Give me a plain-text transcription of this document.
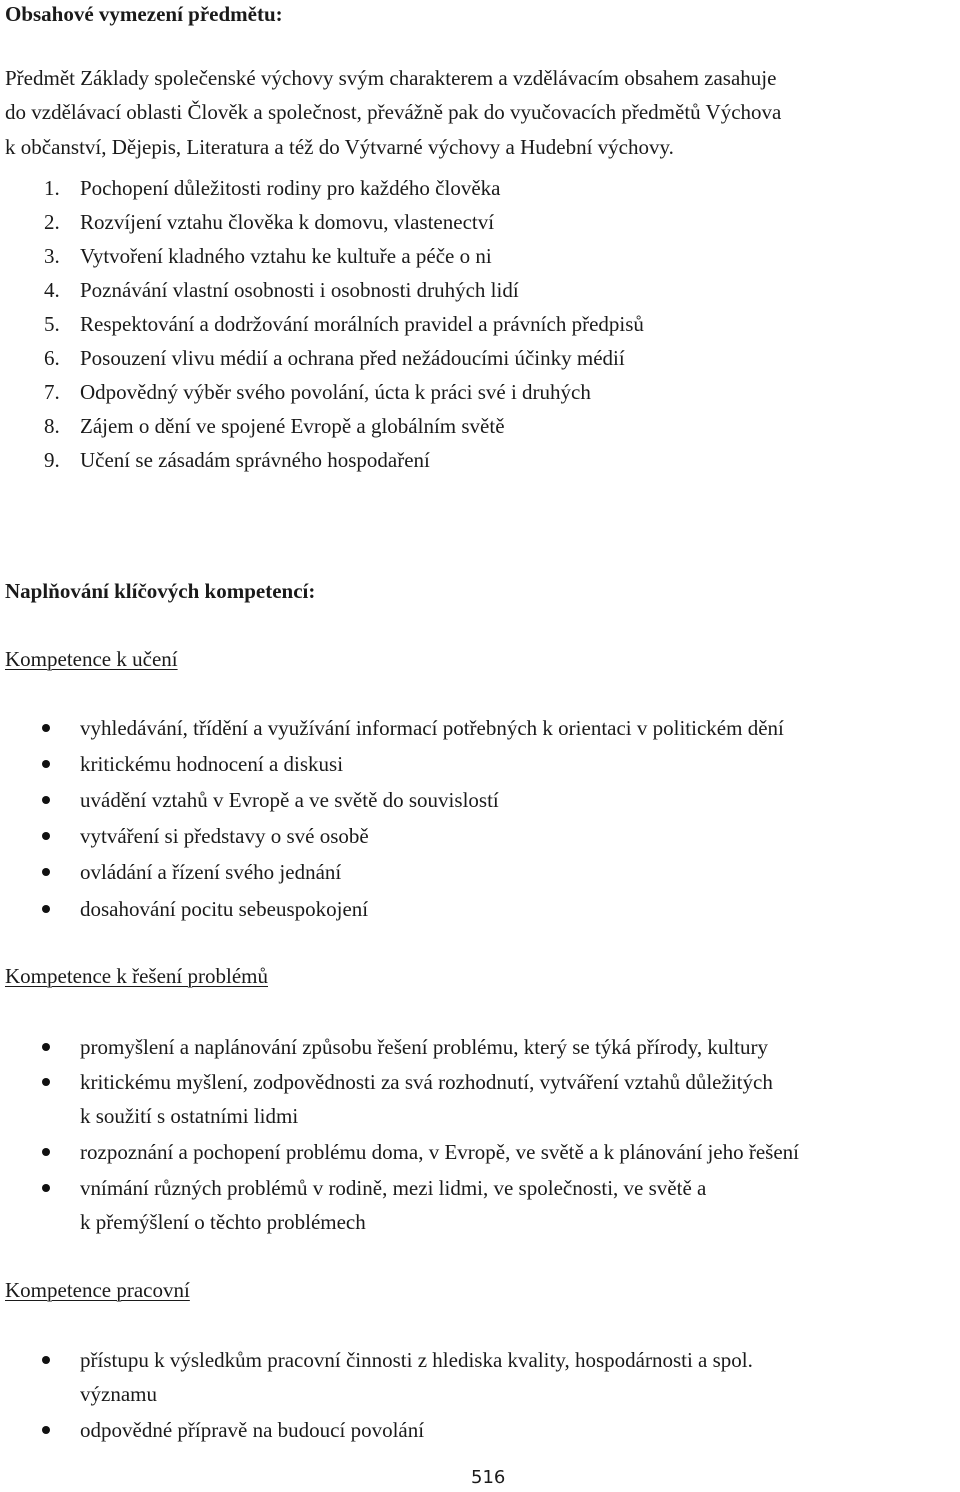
Obsahové vymezení předmětu:
Předmět Základy společenské výchovy svým charakterem a vzdělávacím obsahem zasahuje
do vzdělávací oblasti Člověk a společnost, převážně pak do vyučovacích předmětů Výchova
k občanství, Dějepis, Literatura a též do Výtvarné výchovy a Hudební výchovy.
1. Pochopení důležitosti rodiny pro každého člověka
2. Rozvíjení vztahu člověka k domovu, vlastenectví
3. Vytvoření kladného vztahu ke kultuře a péče o ni
4. Poznávání vlastní osobnosti i osobnosti druhých lidí
5. Respektování a dodržování morálních pravidel a právních předpisů
6. Posouzení vlivu médií a ochrana před nežádoucími účinky médií
7. Odpovědný výběr svého povolání, úcta k práci své i druhých
8. Zájem o dění ve spojené Evropě a globálním světě
9. Učení se zásadám správného hospodaření
Naplňování klíčových kompetencí:
Kompetence k učení
vyhledávání, třídění a využívání informací potřebných k orientaci v politickém dění
kritickému hodnocení a diskusi
uvádění vztahů v Evropě a ve světě do souvislostí
vytváření si představy o své osobě
ovládání a řízení svého jednání
dosahování pocitu sebeuspokojení
Kompetence k řešení problémů
promyšlení a naplánování způsobu řešení problému, který se týká přírody, kultury
kritickému myšlení, zodpovědnosti za svá rozhodnutí, vytváření vztahů důležitých
k soužití s ostatními lidmi
rozpoznání a pochopení problému doma, v Evropě, ve světě a k plánování jeho řešení
vnímání různých problémů v rodině, mezi lidmi, ve společnosti, ve světě a
k přemýšlení o těchto problémech
Kompetence pracovní
přístupu k výsledkům pracovní činnosti z hlediska kvality, hospodárnosti a spol.
významu
odpovědné přípravě na budoucí povolání
516
